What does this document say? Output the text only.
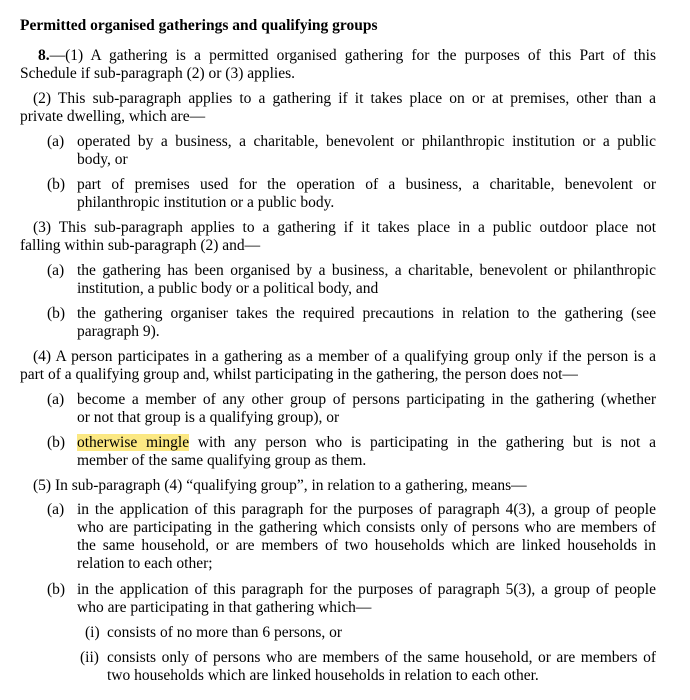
Permitted organised gatherings and qualifying groups
8.—(1) A gathering is a permitted organised gathering for the purposes of this Part of this
Schedule if sub-paragraph (2) or (3) applies.
(2) This sub-paragraph applies to a gathering if it takes place on or at premises, other than a
private dwelling, which are—
(a) operated by a business, a charitable, benevolent or philanthropic institution or a public
body, or
(b) part of premises used for the operation of a business, a charitable, benevolent or
philanthropic institution or a public body.
(3) This sub-paragraph applies to a gathering if it takes place in a public outdoor place not
falling within sub-paragraph (2) and—
(a) the gathering has been organised by a business, a charitable, benevolent or philanthropic
institution, a public body or a political body, and
(b) the gathering organiser takes the required precautions in relation to the gathering (see
paragraph 9).
(4) A person participates in a gathering as a member of a qualifying group only if the person is a
part of a qualifying group and, whilst participating in the gathering, the person does not—
(a) become a member of any other group of persons participating in the gathering (whether
or not that group is a qualifying group), or
(b) otherwise mingle with any person who is participating in the gathering but is not a
member of the same qualifying group as them.
(5) In sub-paragraph (4) “qualifying group”, in relation to a gathering, means—
(a) in the application of this paragraph for the purposes of paragraph 4(3), a group of people
who are participating in the gathering which consists only of persons who are members of
the same household, or are members of two households which are linked households in
relation to each other;
(b) in the application of this paragraph for the purposes of paragraph 5(3), a group of people
who are participating in that gathering which—
(i) consists of no more than 6 persons, or
(ii) consists only of persons who are members of the same household, or are members of
two households which are linked households in relation to each other.
